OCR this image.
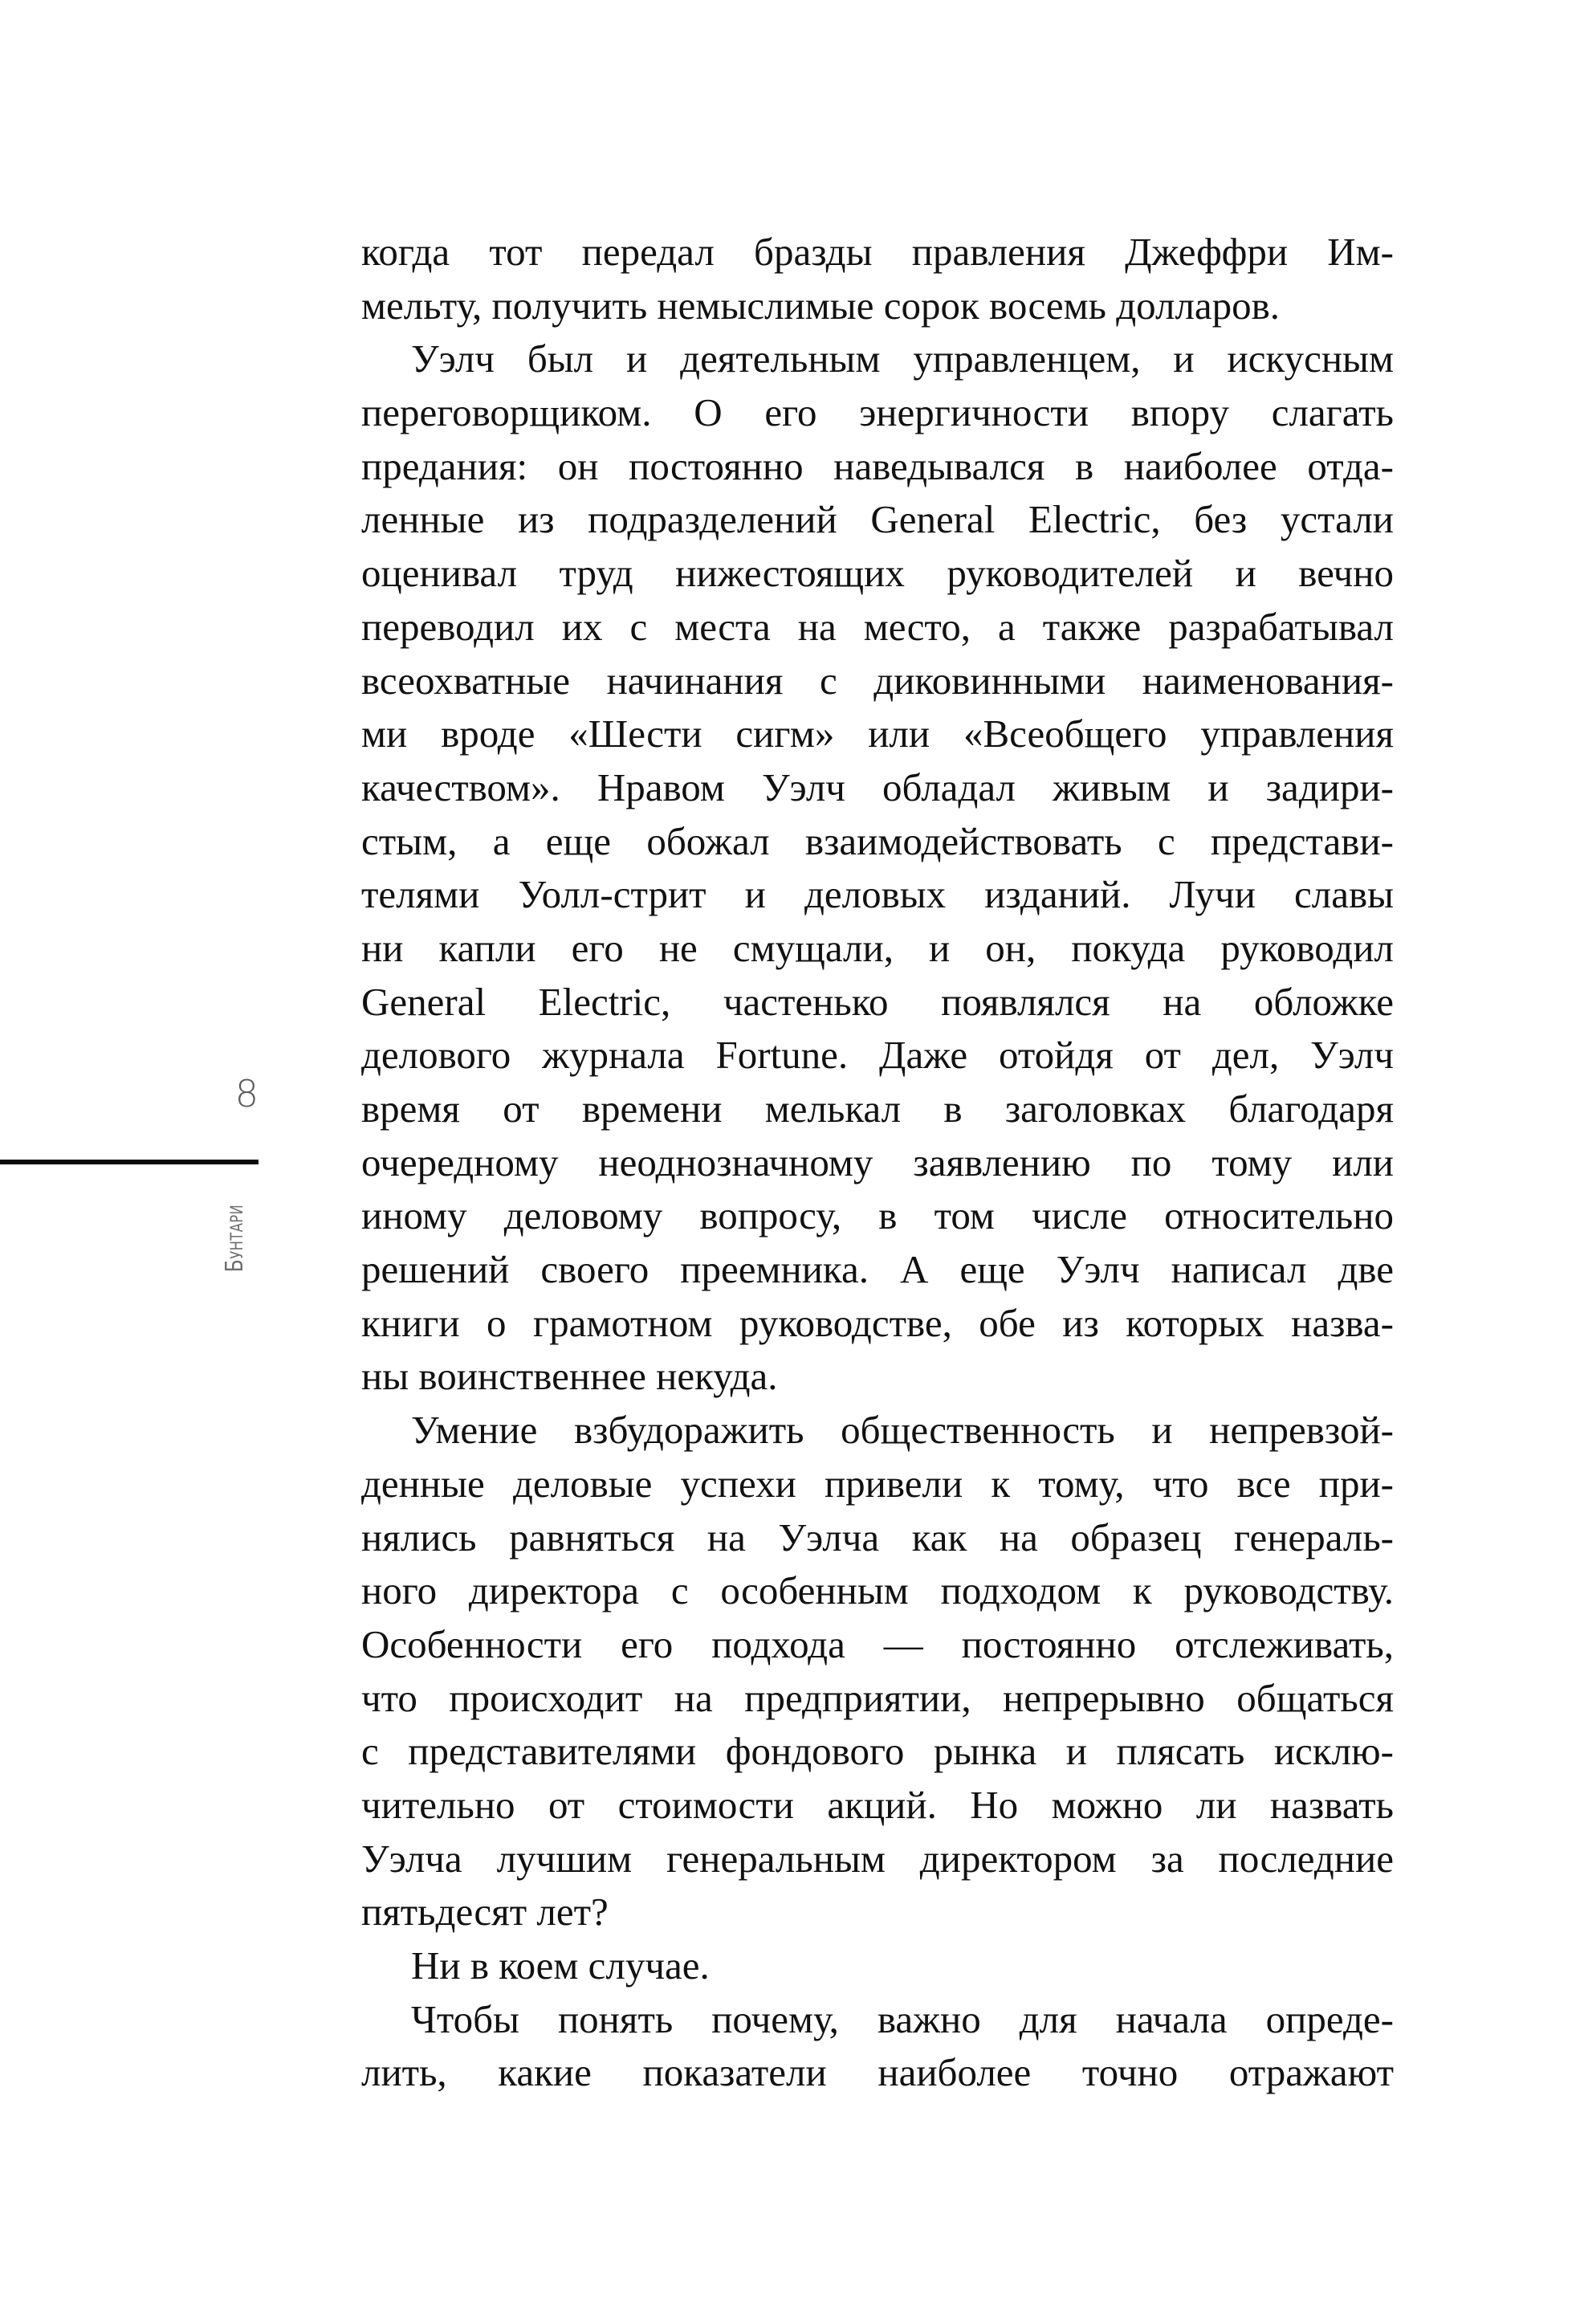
когда тот передал бразды правления Джеффри Им-
мельту, получить немыслимые сорок восемь долларов.
Уэлч был и деятельным управленцем, и искусным
переговорщиком. О его энергичности впору слагать
предания: он постоянно наведывался в наиболее отда-
ленные из подразделений General Electric, без устали
оценивал труд нижестоящих руководителей и вечно
переводил их с места на место, а также разрабатывал
всеохватные начинания с диковинными наименования-
ми вроде «Шести сигм» или «Всеобщего управления
качеством». Нравом Уэлч обладал живым и задири-
стым, а еще обожал взаимодействовать с представи-
телями Уолл-стрит и деловых изданий. Лучи славы
ни капли его не смущали, и он, покуда руководил
General Electric, частенько появлялся на обложке
делового журнала Fortune. Даже отойдя от дел, Уэлч
время от времени мелькал в заголовках благодаря
очередному неоднозначному заявлению по тому или
иному деловому вопросу, в том числе относительно
решений своего преемника. А еще Уэлч написал две
книги о грамотном руководстве, обе из которых назва-
ны воинственнее некуда.
Умение взбудоражить общественность и непревзой-
денные деловые успехи привели к тому, что все при-
нялись равняться на Уэлча как на образец генераль-
ного директора с особенным подходом к руководству.
Особенности его подхода — постоянно отслеживать,
что происходит на предприятии, непрерывно общаться
с представителями фондового рынка и плясать исклю-
чительно от стоимости акций. Но можно ли назвать
Уэлча лучшим генеральным директором за последние
пятьдесят лет?
Ни в коем случае.
Чтобы понять почему, важно для начала опреде-
лить, какие показатели наиболее точно отражают
8
Бунтари
